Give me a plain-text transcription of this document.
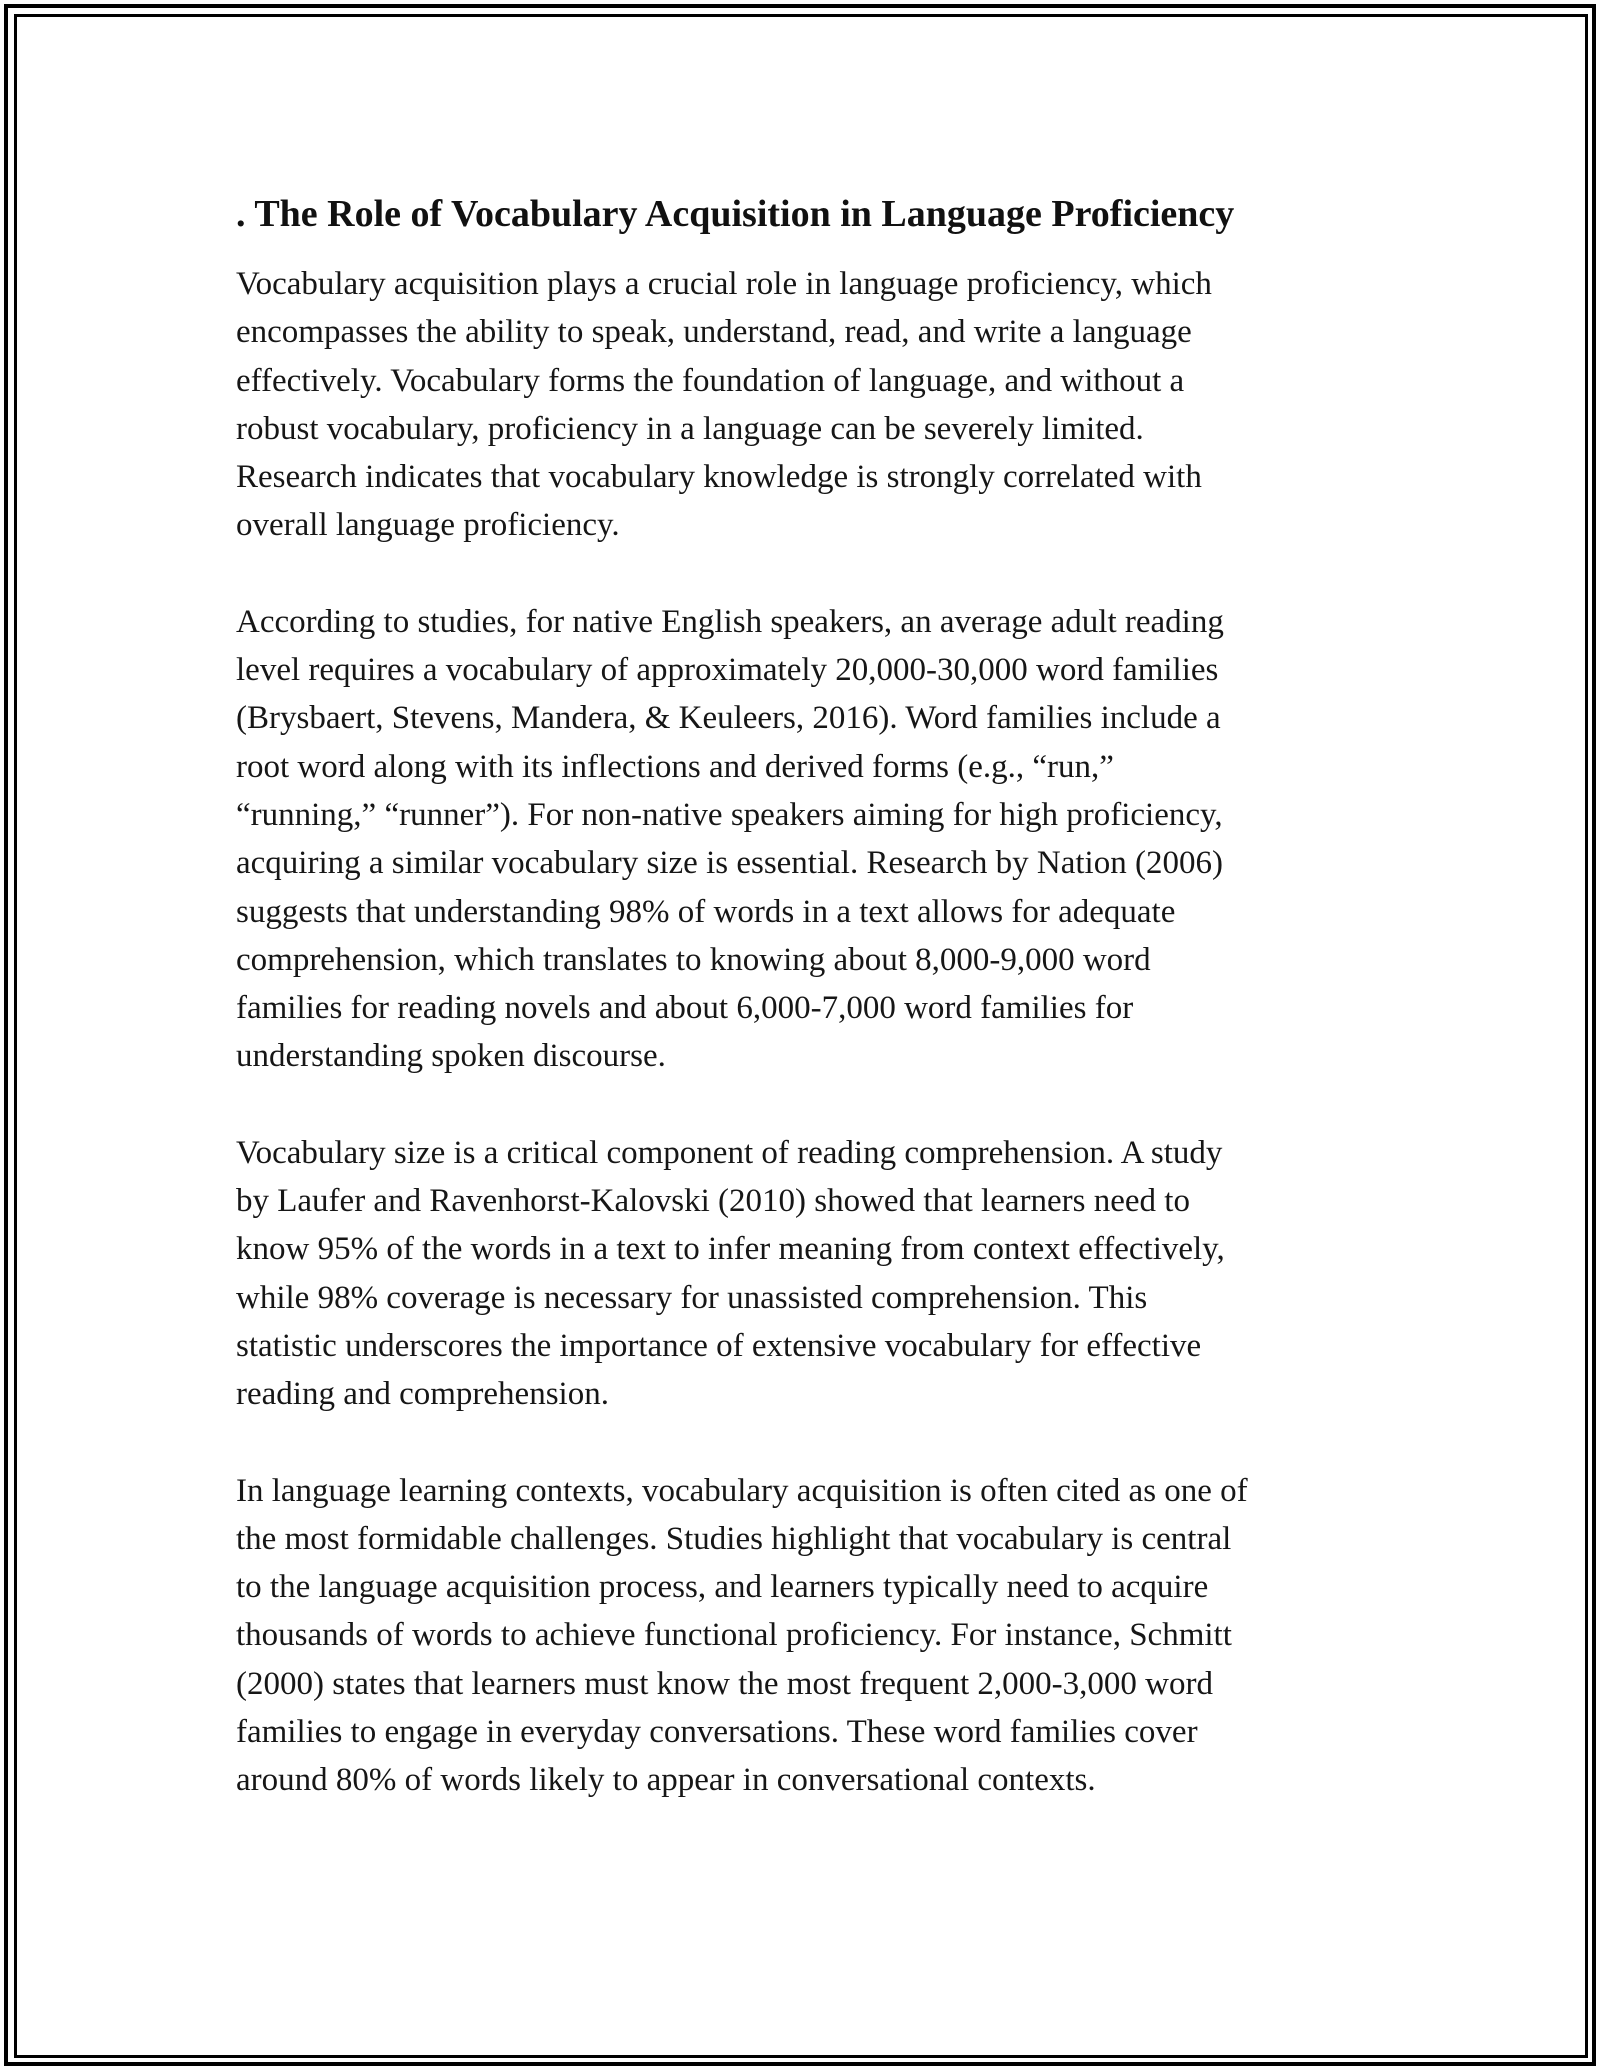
. The Role of Vocabulary Acquisition in Language Proficiency

Vocabulary acquisition plays a crucial role in language proficiency, which
encompasses the ability to speak, understand, read, and write a language
effectively. Vocabulary forms the foundation of language, and without a
robust vocabulary, proficiency in a language can be severely limited.
Research indicates that vocabulary knowledge is strongly correlated with
overall language proficiency.

According to studies, for native English speakers, an average adult reading
level requires a vocabulary of approximately 20,000-30,000 word families
(Brysbaert, Stevens, Mandera, & Keuleers, 2016). Word families include a
root word along with its inflections and derived forms (e.g., “run,”
“running,” “runner”). For non-native speakers aiming for high proficiency,
acquiring a similar vocabulary size is essential. Research by Nation (2006)
suggests that understanding 98% of words in a text allows for adequate
comprehension, which translates to knowing about 8,000-9,000 word
families for reading novels and about 6,000-7,000 word families for
understanding spoken discourse.

Vocabulary size is a critical component of reading comprehension. A study
by Laufer and Ravenhorst-Kalovski (2010) showed that learners need to
know 95% of the words in a text to infer meaning from context effectively,
while 98% coverage is necessary for unassisted comprehension. This
statistic underscores the importance of extensive vocabulary for effective
reading and comprehension.

In language learning contexts, vocabulary acquisition is often cited as one of
the most formidable challenges. Studies highlight that vocabulary is central
to the language acquisition process, and learners typically need to acquire
thousands of words to achieve functional proficiency. For instance, Schmitt
(2000) states that learners must know the most frequent 2,000-3,000 word
families to engage in everyday conversations. These word families cover
around 80% of words likely to appear in conversational contexts.
